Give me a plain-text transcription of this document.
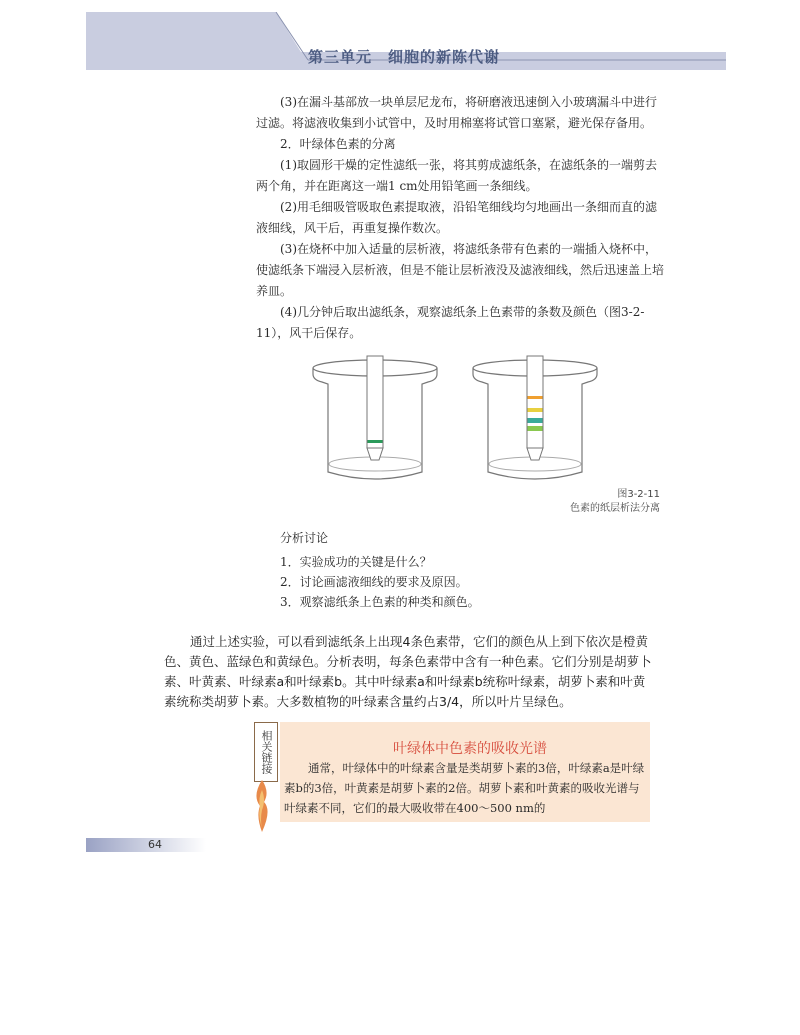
第三单元　细胞的新陈代谢

(3)在漏斗基部放一块单层尼龙布，将研磨液迅速倒入小玻璃漏斗中进行过滤。将滤液收集到小试管中，及时用棉塞将试管口塞紧，避光保存备用。

2．叶绿体色素的分离

(1)取圆形干燥的定性滤纸一张，将其剪成滤纸条，在滤纸条的一端剪去两个角，并在距离这一端1 cm处用铅笔画一条细线。

(2)用毛细吸管吸取色素提取液，沿铅笔细线均匀地画出一条细而直的滤液细线，风干后，再重复操作数次。

(3)在烧杯中加入适量的层析液，将滤纸条带有色素的一端插入烧杯中，使滤纸条下端浸入层析液，但是不能让层析液没及滤液细线，然后迅速盖上培养皿。

(4)几分钟后取出滤纸条，观察滤纸条上色素带的条数及颜色（图3-2-11），风干后保存。

图3-2-11
色素的纸层析法分离

分析讨论

1．实验成功的关键是什么？

2．讨论画滤液细线的要求及原因。

3．观察滤纸条上色素的种类和颜色。

通过上述实验，可以看到滤纸条上出现4条色素带，它们的颜色从上到下依次是橙黄色、黄色、蓝绿色和黄绿色。分析表明，每条色素带中含有一种色素。它们分别是胡萝卜素、叶黄素、叶绿素a和叶绿素b。其中叶绿素a和叶绿素b统称叶绿素，胡萝卜素和叶黄素统称类胡萝卜素。大多数植物的叶绿素含量约占3/4，所以叶片呈绿色。

相关链接	叶绿体中色素的吸收光谱

通常，叶绿体中的叶绿素含量是类胡萝卜素的3倍，叶绿素a是叶绿素b的3倍，叶黄素是胡萝卜素的2倍。胡萝卜素和叶黄素的吸收光谱与叶绿素不同，它们的最大吸收带在400～500 nm的

64
